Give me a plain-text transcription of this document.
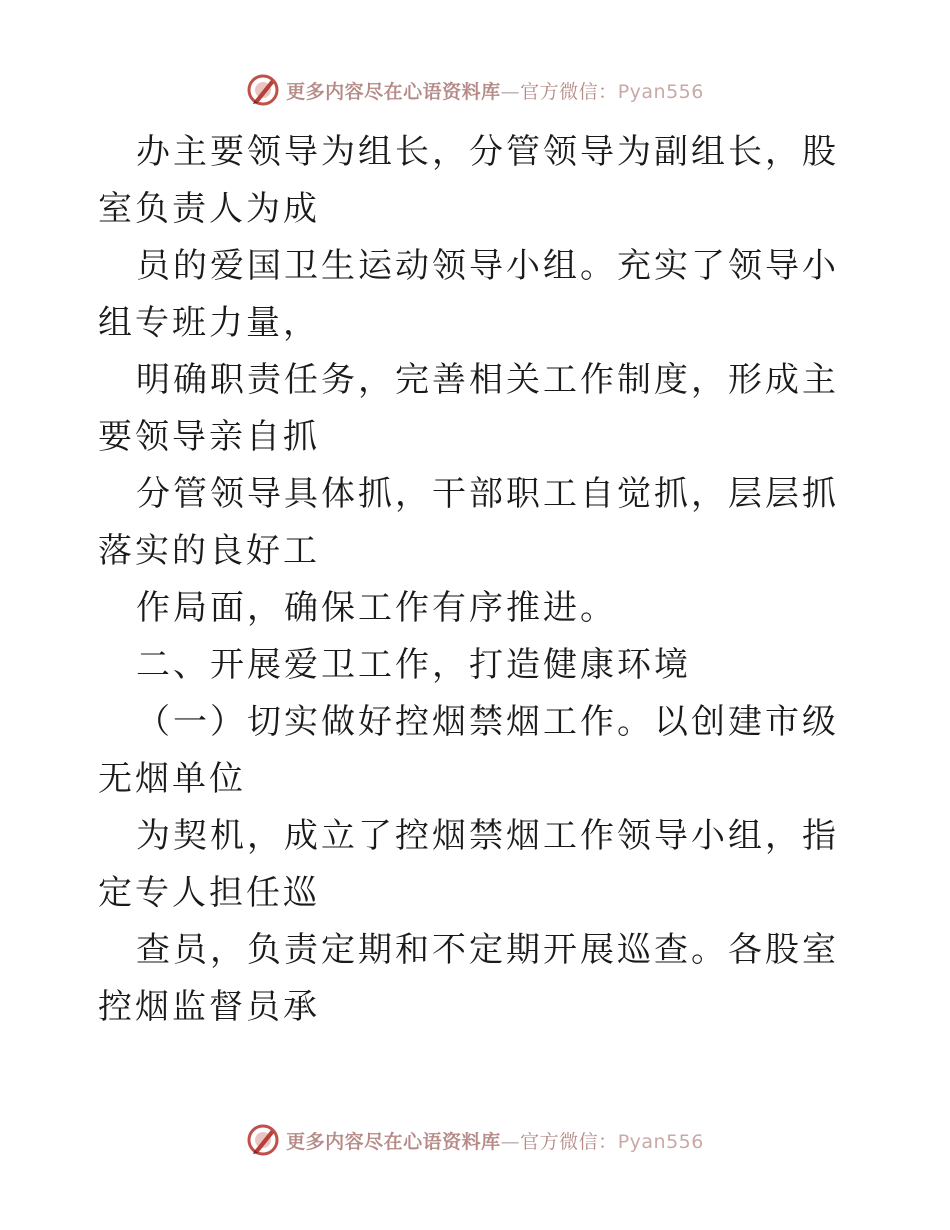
更多内容尽在心语资料库—官方微信：Pyan556

办主要领导为组长，分管领导为副组长，股室负责人为成

员的爱国卫生运动领导小组。充实了领导小组专班力量，

明确职责任务，完善相关工作制度，形成主要领导亲自抓

分管领导具体抓，干部职工自觉抓，层层抓落实的良好工

作局面，确保工作有序推进。

二、开展爱卫工作，打造健康环境

（一）切实做好控烟禁烟工作。以创建市级无烟单位

为契机，成立了控烟禁烟工作领导小组，指定专人担任巡

查员，负责定期和不定期开展巡查。各股室控烟监督员承

更多内容尽在心语资料库—官方微信：Pyan556
